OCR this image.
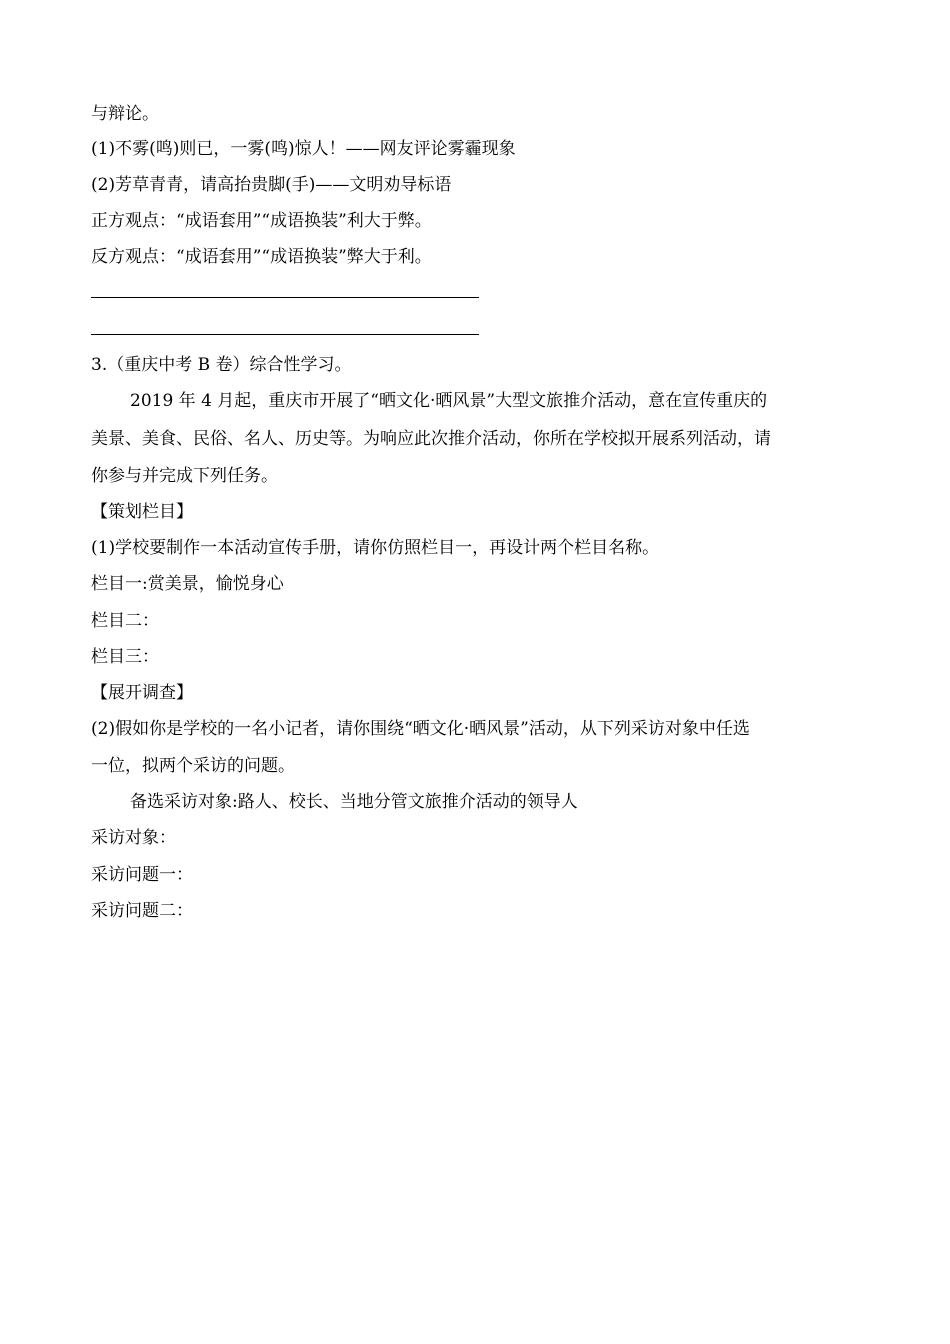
与辩论。
(1)不雾(鸣)则已，一雾(鸣)惊人！——网友评论雾霾现象
(2)芳草青青，请高抬贵脚(手)——文明劝导标语
正方观点：“成语套用”“成语换装”利大于弊。
反方观点：“成语套用”“成语换装”弊大于利。
3.（重庆中考 B 卷）综合性学习。
2019 年 4 月起，重庆市开展了“晒文化·晒风景”大型文旅推介活动，意在宣传重庆的
美景、美食、民俗、名人、历史等。为响应此次推介活动，你所在学校拟开展系列活动，请
你参与并完成下列任务。
【策划栏目】
(1)学校要制作一本活动宣传手册，请你仿照栏目一，再设计两个栏目名称。
栏目一:赏美景，愉悦身心
栏目二：
栏目三：
【展开调查】
(2)假如你是学校的一名小记者，请你围绕“晒文化·晒风景”活动，从下列采访对象中任选
一位，拟两个采访的问题。
备选采访对象:路人、校长、当地分管文旅推介活动的领导人
采访对象：
采访问题一：
采访问题二：
